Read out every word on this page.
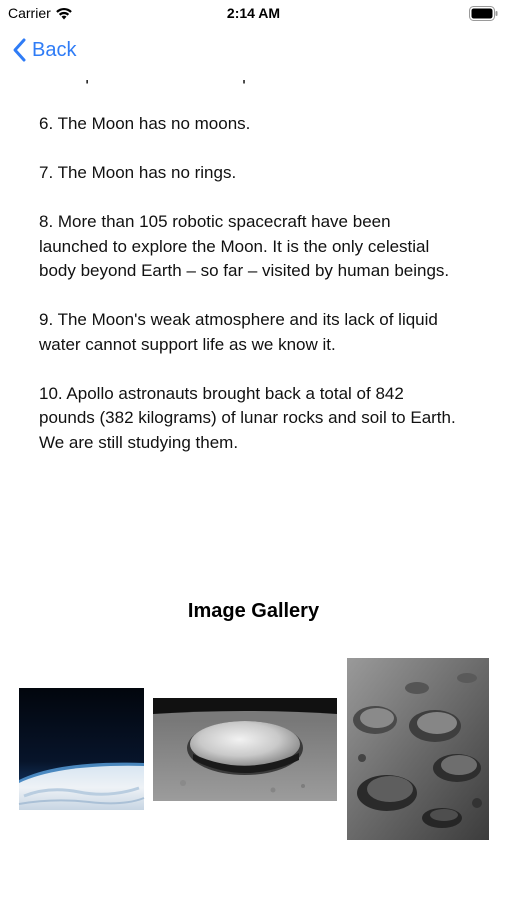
Carrier	2:14 AM
Back

6. The Moon has no moons.

7. The Moon has no rings.

8. More than 105 robotic spacecraft have been launched to explore the Moon. It is the only celestial body beyond Earth – so far – visited by human beings.

9. The Moon's weak atmosphere and its lack of liquid water cannot support life as we know it.

10. Apollo astronauts brought back a total of 842 pounds (382 kilograms) of lunar rocks and soil to Earth. We are still studying them.

Image Gallery
